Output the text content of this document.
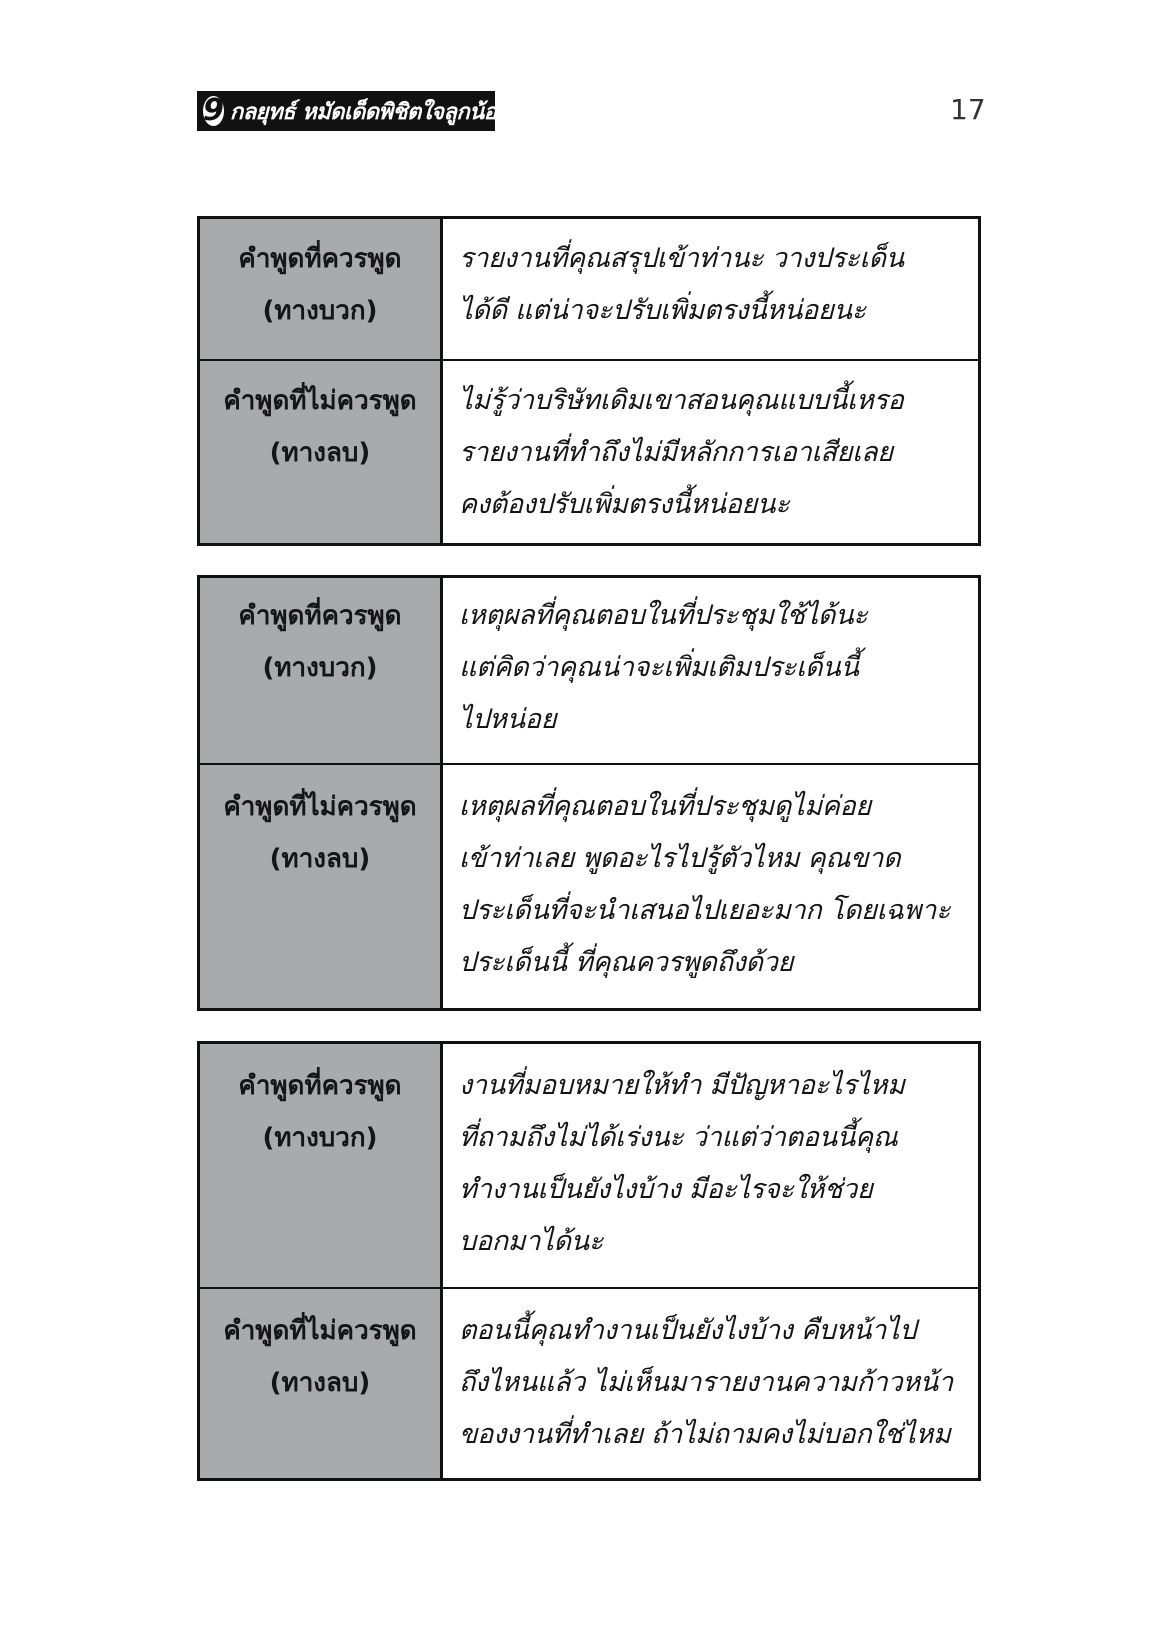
9 กลยุทธ์ หมัดเด็ดพิชิตใจลูกน้อง	17
คำพูดที่ควรพูด
(ทางบวก)
รายงานที่คุณสรุปเข้าท่านะ วางประเด็น
ได้ดี แต่น่าจะปรับเพิ่มตรงนี้หน่อยนะ
คำพูดที่ไม่ควรพูด
(ทางลบ)
ไม่รู้ว่าบริษัทเดิมเขาสอนคุณแบบนี้เหรอ
รายงานที่ทำถึงไม่มีหลักการเอาเสียเลย
คงต้องปรับเพิ่มตรงนี้หน่อยนะ
คำพูดที่ควรพูด
(ทางบวก)
เหตุผลที่คุณตอบในที่ประชุมใช้ได้นะ
แต่คิดว่าคุณน่าจะเพิ่มเติมประเด็นนี้
ไปหน่อย
คำพูดที่ไม่ควรพูด
(ทางลบ)
เหตุผลที่คุณตอบในที่ประชุมดูไม่ค่อย
เข้าท่าเลย พูดอะไรไปรู้ตัวไหม คุณขาด
ประเด็นที่จะนำเสนอไปเยอะมาก โดยเฉพาะ
ประเด็นนี้ ที่คุณควรพูดถึงด้วย
คำพูดที่ควรพูด
(ทางบวก)
งานที่มอบหมายให้ทำ มีปัญหาอะไรไหม
ที่ถามถึงไม่ได้เร่งนะ ว่าแต่ว่าตอนนี้คุณ
ทำงานเป็นยังไงบ้าง มีอะไรจะให้ช่วย
บอกมาได้นะ
คำพูดที่ไม่ควรพูด
(ทางลบ)
ตอนนี้คุณทำงานเป็นยังไงบ้าง คืบหน้าไป
ถึงไหนแล้ว ไม่เห็นมารายงานความก้าวหน้า
ของงานที่ทำเลย ถ้าไม่ถามคงไม่บอกใช่ไหม
